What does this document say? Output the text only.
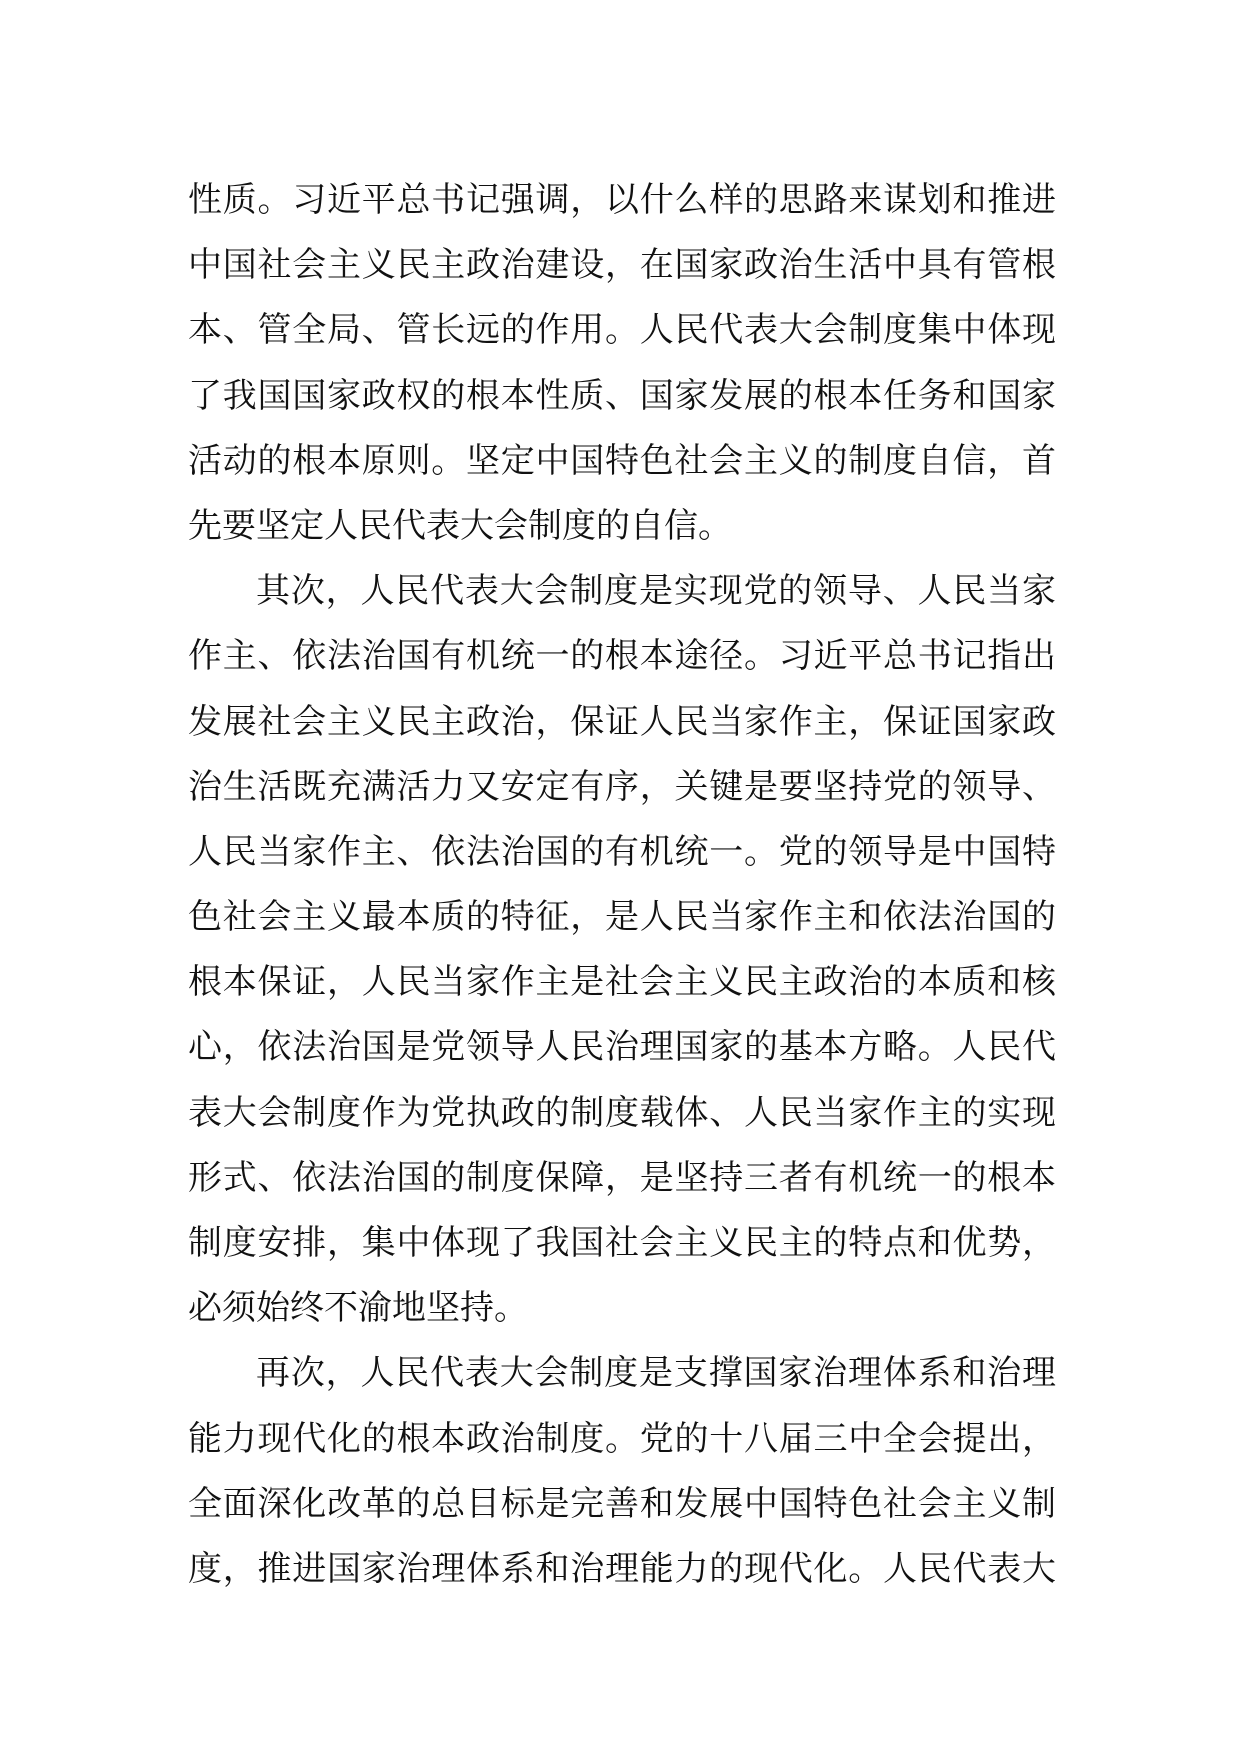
性质。习近平总书记强调，以什么样的思路来谋划和推进
中国社会主义民主政治建设，在国家政治生活中具有管根
本、管全局、管长远的作用。人民代表大会制度集中体现
了我国国家政权的根本性质、国家发展的根本任务和国家
活动的根本原则。坚定中国特色社会主义的制度自信，首
先要坚定人民代表大会制度的自信。
其次，人民代表大会制度是实现党的领导、人民当家
作主、依法治国有机统一的根本途径。习近平总书记指出
发展社会主义民主政治，保证人民当家作主，保证国家政
治生活既充满活力又安定有序，关键是要坚持党的领导、
人民当家作主、依法治国的有机统一。党的领导是中国特
色社会主义最本质的特征，是人民当家作主和依法治国的
根本保证，人民当家作主是社会主义民主政治的本质和核
心，依法治国是党领导人民治理国家的基本方略。人民代
表大会制度作为党执政的制度载体、人民当家作主的实现
形式、依法治国的制度保障，是坚持三者有机统一的根本
制度安排，集中体现了我国社会主义民主的特点和优势，
必须始终不渝地坚持。
再次，人民代表大会制度是支撑国家治理体系和治理
能力现代化的根本政治制度。党的十八届三中全会提出，
全面深化改革的总目标是完善和发展中国特色社会主义制
度，推进国家治理体系和治理能力的现代化。人民代表大
